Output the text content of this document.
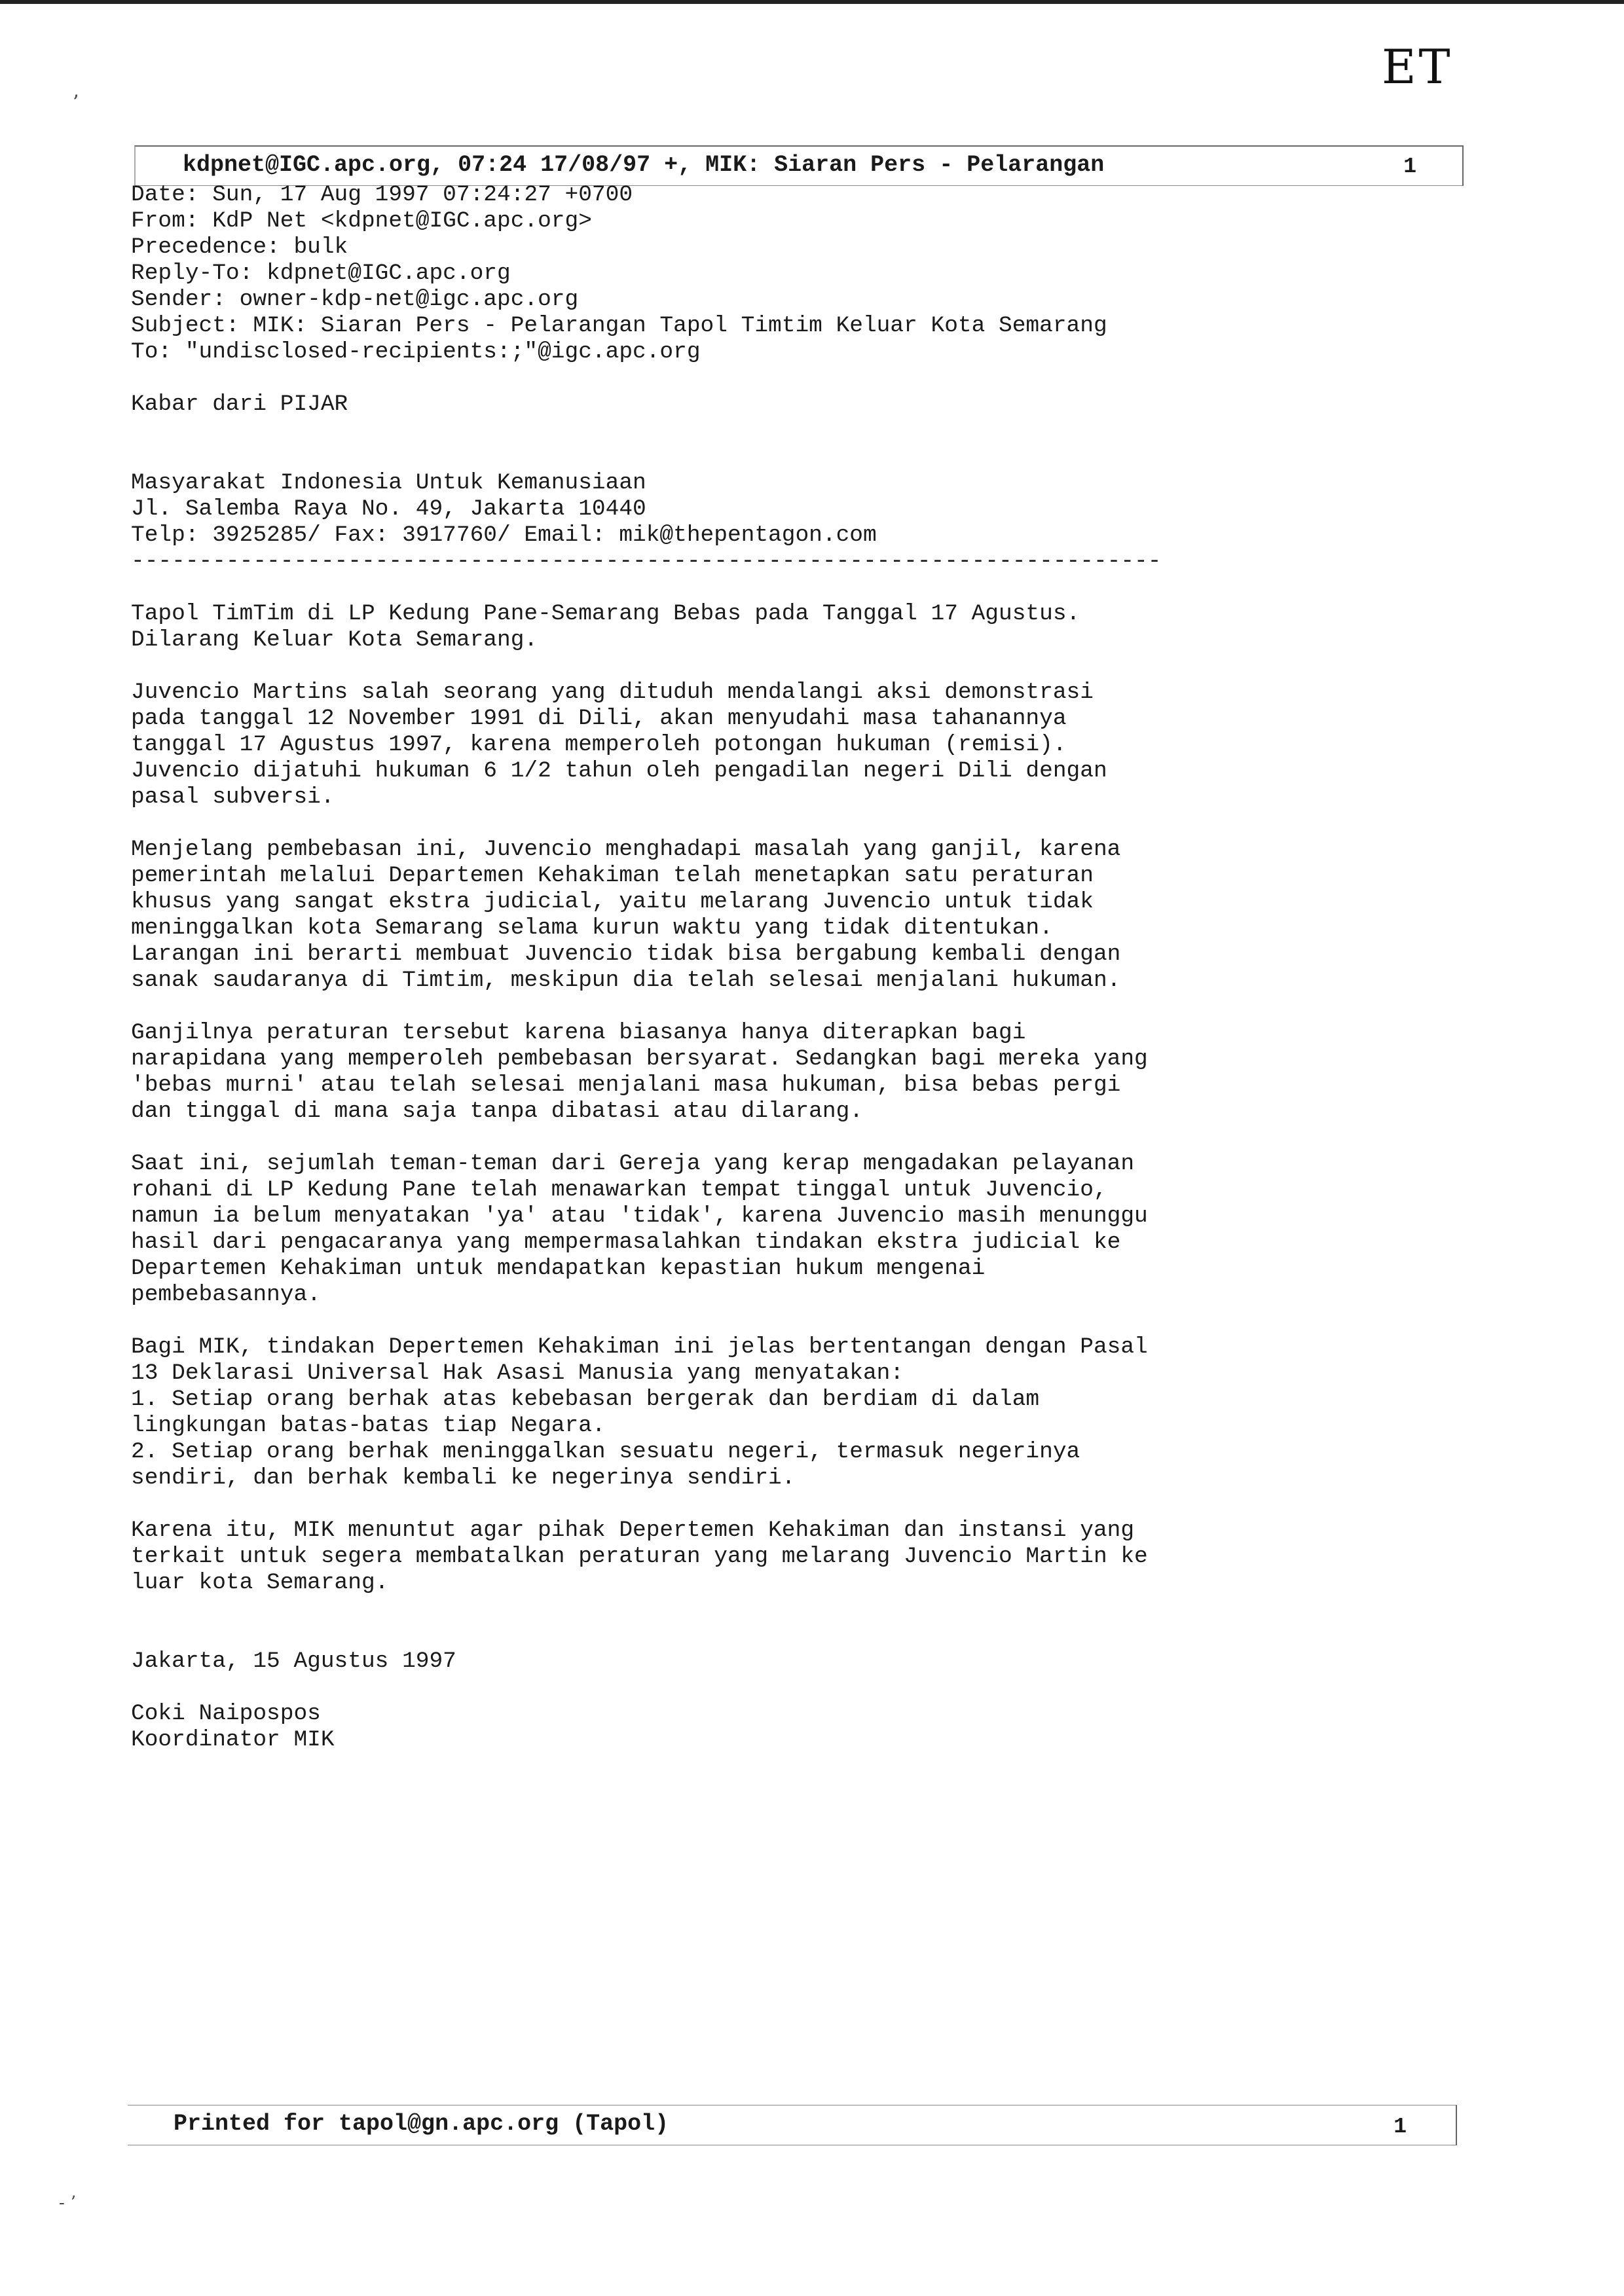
ET
ʼ
- ʼ
kdpnet@IGC.apc.org, 07:24 17/08/97 +, MIK: Siaran Pers - Pelarangan	1
Date: Sun, 17 Aug 1997 07:24:27 +0700
From: KdP Net <kdpnet@IGC.apc.org>
Precedence: bulk
Reply-To: kdpnet@IGC.apc.org
Sender: owner-kdp-net@igc.apc.org
Subject: MIK: Siaran Pers - Pelarangan Tapol Timtim Keluar Kota Semarang
To: "undisclosed-recipients:;"@igc.apc.org
Kabar dari PIJAR
Masyarakat Indonesia Untuk Kemanusiaan
Jl. Salemba Raya No. 49, Jakarta 10440
Telp: 3925285/ Fax: 3917760/ Email: mik@thepentagon.com
----------------------------------------------------------------------------
Tapol TimTim di LP Kedung Pane-Semarang Bebas pada Tanggal 17 Agustus.
Dilarang Keluar Kota Semarang.
Juvencio Martins salah seorang yang dituduh mendalangi aksi demonstrasi
pada tanggal 12 November 1991 di Dili, akan menyudahi masa tahanannya
tanggal 17 Agustus 1997, karena memperoleh potongan hukuman (remisi).
Juvencio dijatuhi hukuman 6 1/2 tahun oleh pengadilan negeri Dili dengan
pasal subversi.
Menjelang pembebasan ini, Juvencio menghadapi masalah yang ganjil, karena
pemerintah melalui Departemen Kehakiman telah menetapkan satu peraturan
khusus yang sangat ekstra judicial, yaitu melarang Juvencio untuk tidak
meninggalkan kota Semarang selama kurun waktu yang tidak ditentukan.
Larangan ini berarti membuat Juvencio tidak bisa bergabung kembali dengan
sanak saudaranya di Timtim, meskipun dia telah selesai menjalani hukuman.
Ganjilnya peraturan tersebut karena biasanya hanya diterapkan bagi
narapidana yang memperoleh pembebasan bersyarat. Sedangkan bagi mereka yang
'bebas murni' atau telah selesai menjalani masa hukuman, bisa bebas pergi
dan tinggal di mana saja tanpa dibatasi atau dilarang.
Saat ini, sejumlah teman-teman dari Gereja yang kerap mengadakan pelayanan
rohani di LP Kedung Pane telah menawarkan tempat tinggal untuk Juvencio,
namun ia belum menyatakan 'ya' atau 'tidak', karena Juvencio masih menunggu
hasil dari pengacaranya yang mempermasalahkan tindakan ekstra judicial ke
Departemen Kehakiman untuk mendapatkan kepastian hukum mengenai
pembebasannya.
Bagi MIK, tindakan Depertemen Kehakiman ini jelas bertentangan dengan Pasal
13 Deklarasi Universal Hak Asasi Manusia yang menyatakan:
1. Setiap orang berhak atas kebebasan bergerak dan berdiam di dalam
lingkungan batas-batas tiap Negara.
2. Setiap orang berhak meninggalkan sesuatu negeri, termasuk negerinya
sendiri, dan berhak kembali ke negerinya sendiri.
Karena itu, MIK menuntut agar pihak Depertemen Kehakiman dan instansi yang
terkait untuk segera membatalkan peraturan yang melarang Juvencio Martin ke
luar kota Semarang.
Jakarta, 15 Agustus 1997
Coki Naipospos
Koordinator MIK
Printed for tapol@gn.apc.org (Tapol)	1
